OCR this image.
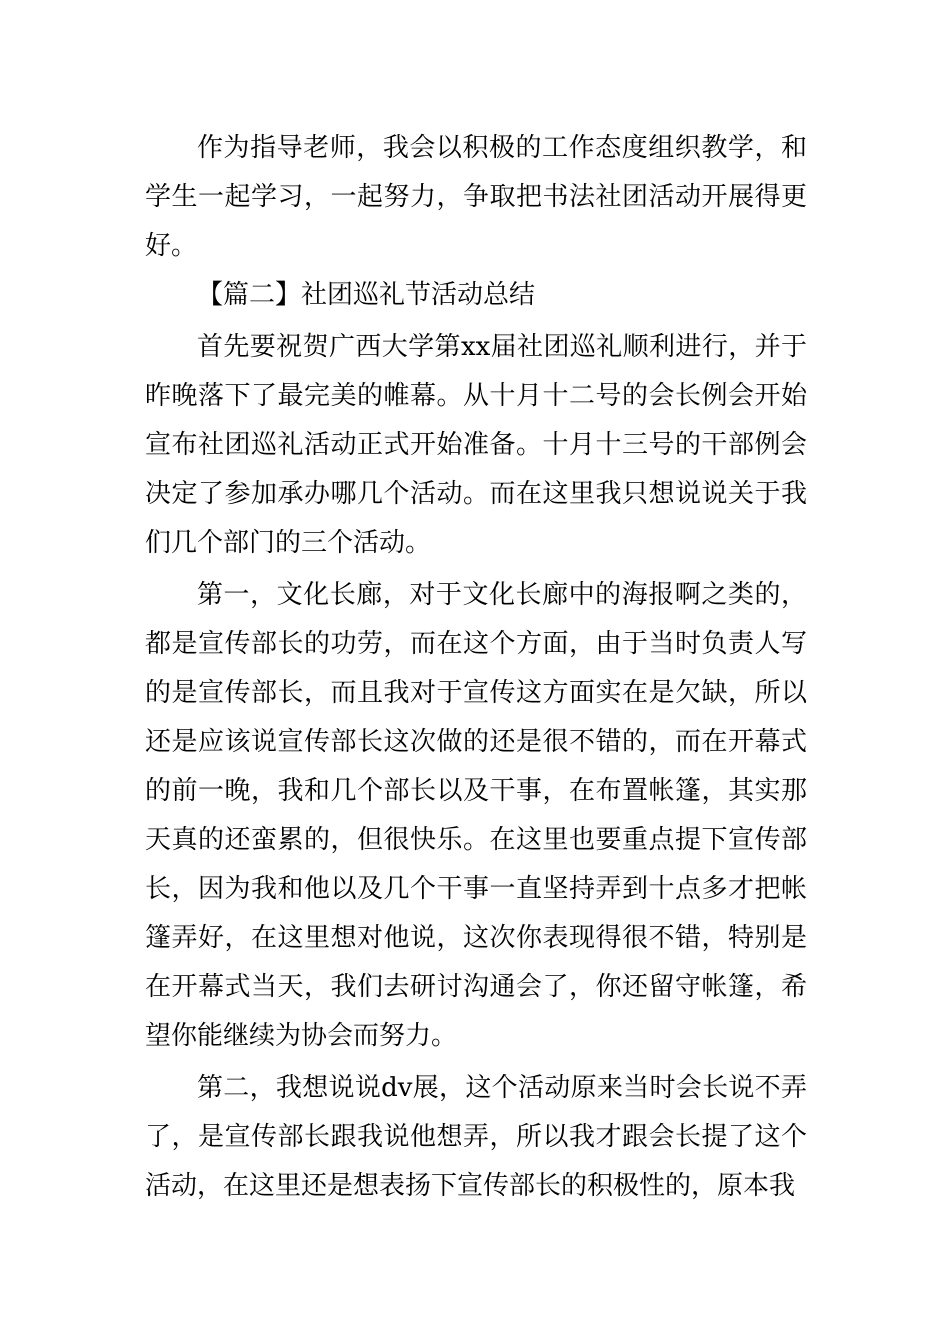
作为指导老师，我会以积极的工作态度组织教学，和学生一起学习，一起努力，争取把书法社团活动开展得更好。

【篇二】社团巡礼节活动总结

首先要祝贺广西大学第xx届社团巡礼顺利进行，并于昨晚落下了最完美的帷幕。从十月十二号的会长例会开始宣布社团巡礼活动正式开始准备。十月十三号的干部例会决定了参加承办哪几个活动。而在这里我只想说说关于我们几个部门的三个活动。

第一，文化长廊，对于文化长廊中的海报啊之类的，都是宣传部长的功劳，而在这个方面，由于当时负责人写的是宣传部长，而且我对于宣传这方面实在是欠缺，所以还是应该说宣传部长这次做的还是很不错的，而在开幕式的前一晚，我和几个部长以及干事，在布置帐篷，其实那天真的还蛮累的，但很快乐。在这里也要重点提下宣传部长，因为我和他以及几个干事一直坚持弄到十点多才把帐篷弄好，在这里想对他说，这次你表现得很不错，特别是在开幕式当天，我们去研讨沟通会了，你还留守帐篷，希望你能继续为协会而努力。

第二，我想说说dv展，这个活动原来当时会长说不弄了，是宣传部长跟我说他想弄，所以我才跟会长提了这个活动，在这里还是想表扬下宣传部长的积极性的，原本我
